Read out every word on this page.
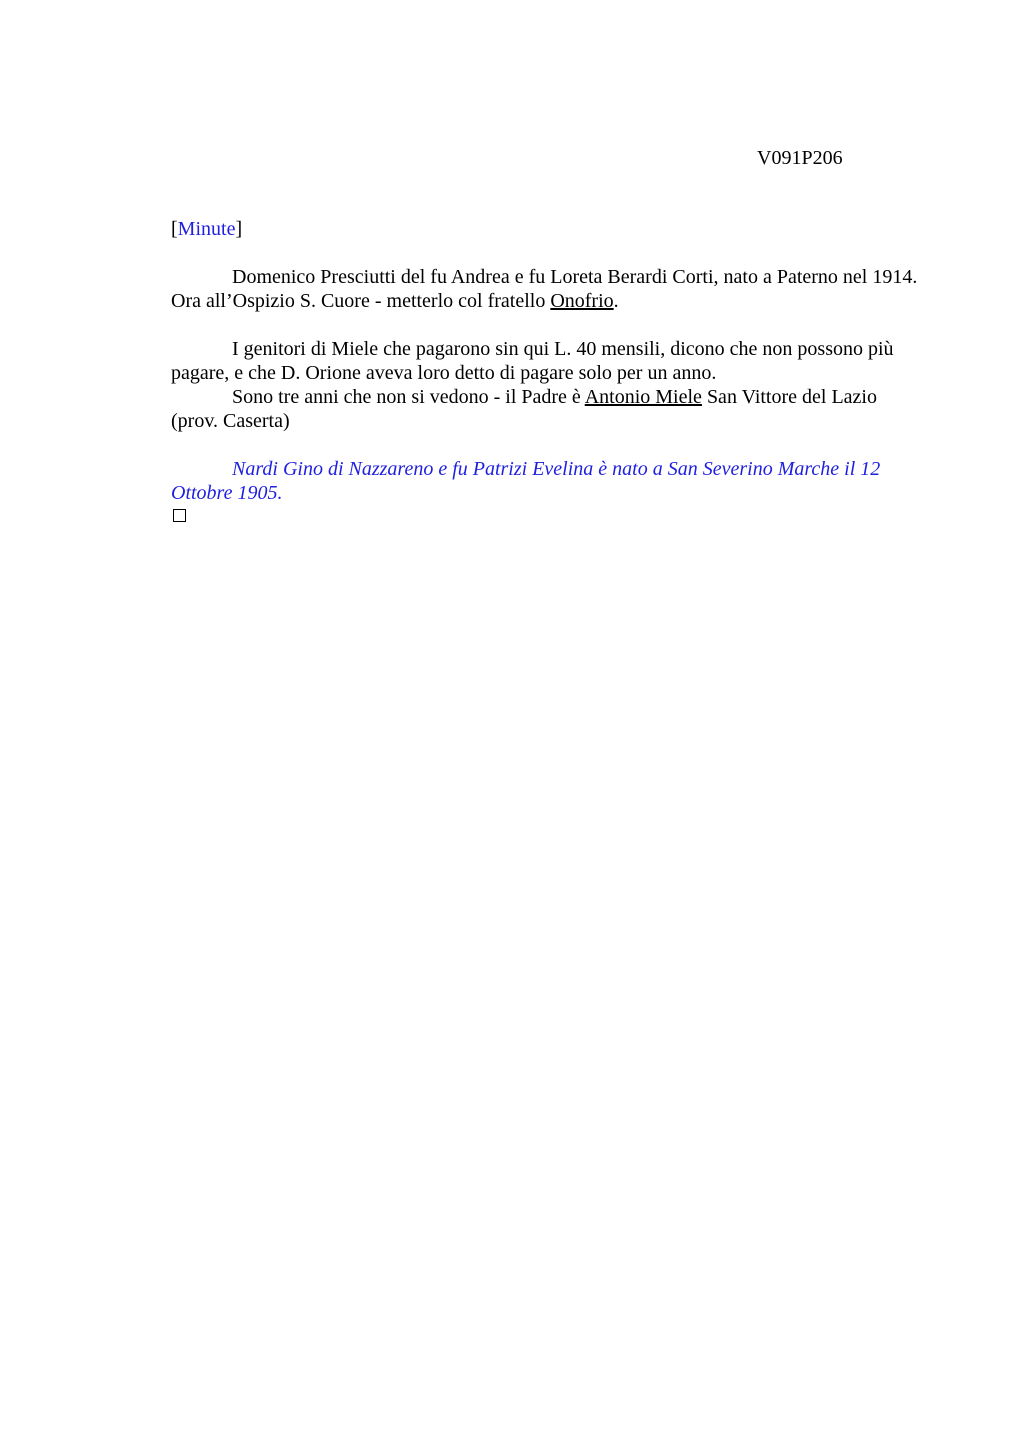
V091P206
[Minute]

Domenico Presciutti del fu Andrea e fu Loreta Berardi Corti, nato a Paterno nel 1914. Ora all’Ospizio S. Cuore - metterlo col fratello Onofrio.

I genitori di Miele che pagarono sin qui L. 40 mensili, dicono che non possono più pagare, e che D. Orione aveva loro detto di pagare solo per un anno.

Sono tre anni che non si vedono - il Padre è Antonio Miele San Vittore del Lazio (prov. Caserta)

Nardi Gino di Nazzareno e fu Patrizi Evelina è nato a San Severino Marche il 12 Ottobre 1905.
